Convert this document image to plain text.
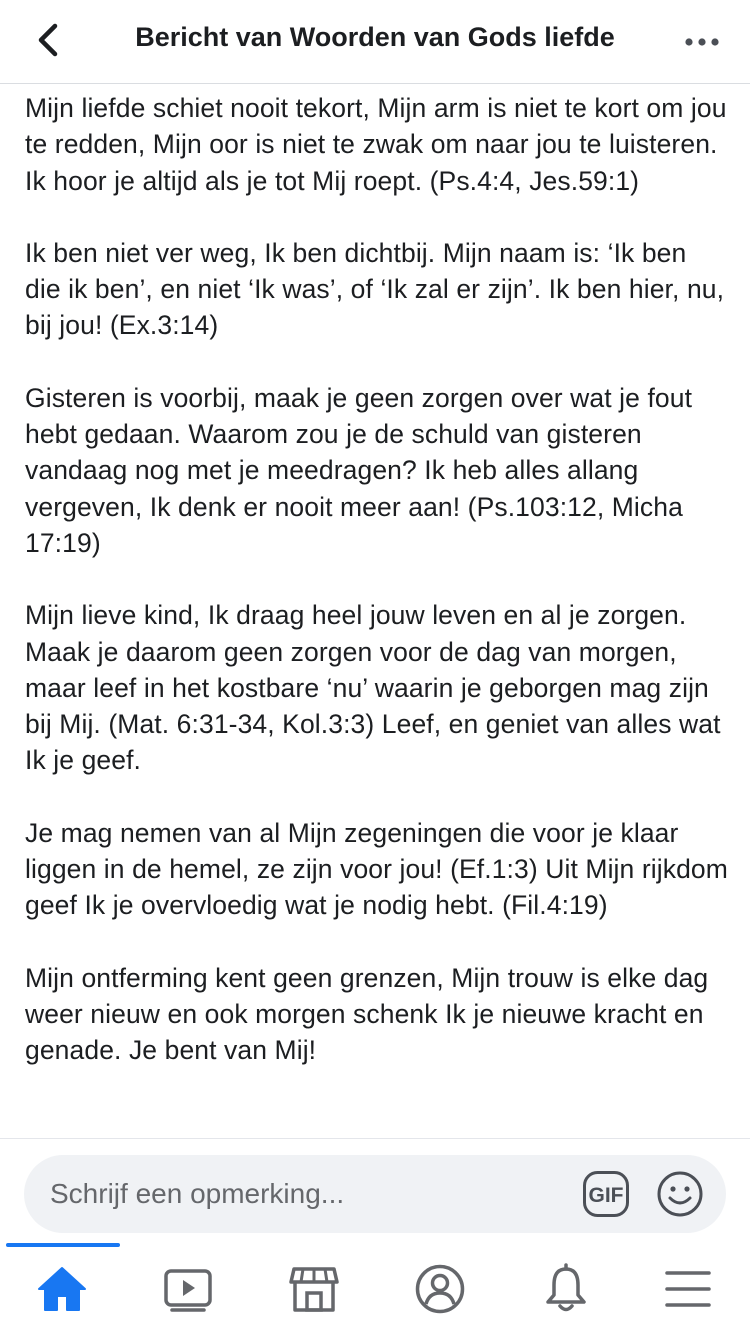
Bericht van Woorden van Gods liefde

Mijn liefde schiet nooit tekort, Mijn arm is niet te kort om jou te redden, Mijn oor is niet te zwak om naar jou te luisteren. Ik hoor je altijd als je tot Mij roept. (Ps.4:4, Jes.59:1)

Ik ben niet ver weg, Ik ben dichtbij. Mijn naam is: ‘Ik ben die ik ben’, en niet ‘Ik was’, of ‘Ik zal er zijn’. Ik ben hier, nu, bij jou! (Ex.3:14)

Gisteren is voorbij, maak je geen zorgen over wat je fout hebt gedaan. Waarom zou je de schuld van gisteren vandaag nog met je meedragen? Ik heb alles allang vergeven, Ik denk er nooit meer aan! (Ps.103:12, Micha 17:19)

Mijn lieve kind, Ik draag heel jouw leven en al je zorgen. Maak je daarom geen zorgen voor de dag van morgen, maar leef in het kostbare ‘nu’ waarin je geborgen mag zijn bij Mij. (Mat. 6:31-34, Kol.3:3) Leef, en geniet van alles wat Ik je geef.

Je mag nemen van al Mijn zegeningen die voor je klaar liggen in de hemel, ze zijn voor jou! (Ef.1:3) Uit Mijn rijkdom geef Ik je overvloedig wat je nodig hebt. (Fil.4:19)

Mijn ontferming kent geen grenzen, Mijn trouw is elke dag weer nieuw en ook morgen schenk Ik je nieuwe kracht en genade. Je bent van Mij!

Schrijf een opmerking...
GIF
